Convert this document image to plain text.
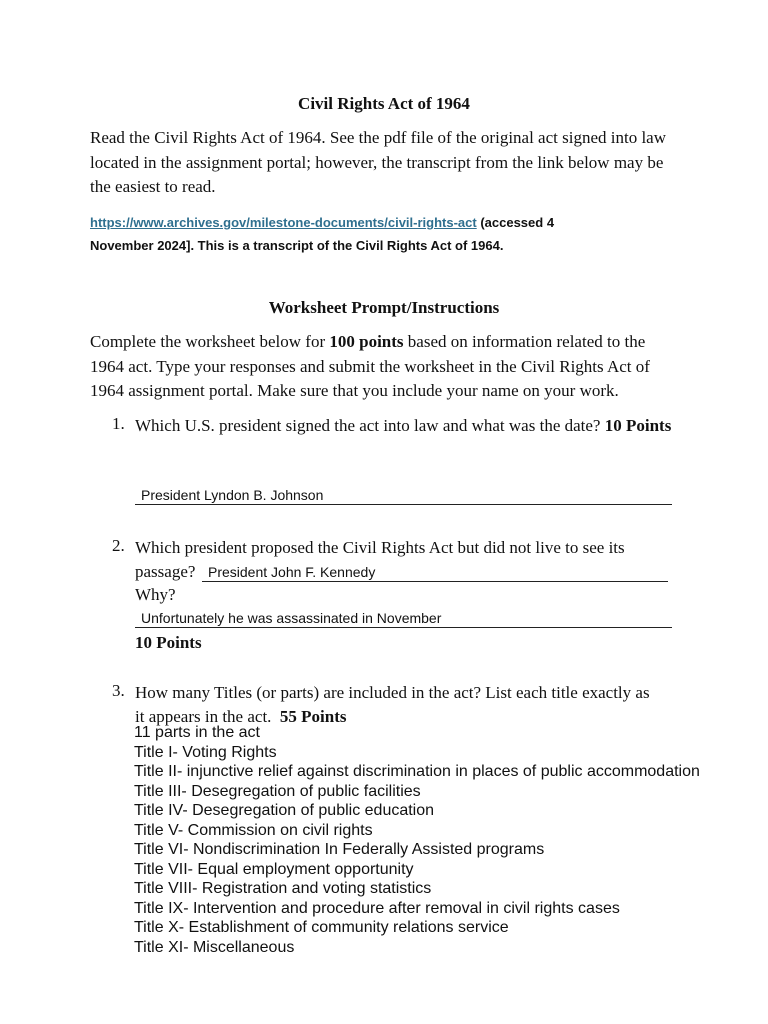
Civil Rights Act of 1964
Read the Civil Rights Act of 1964. See the pdf file of the original act signed into law located in the assignment portal; however, the transcript from the link below may be the easiest to read.
https://www.archives.gov/milestone-documents/civil-rights-act (accessed 4
November 2024]. This is a transcript of the Civil Rights Act of 1964.
Worksheet Prompt/Instructions
Complete the worksheet below for 100 points based on information related to the 1964 act. Type your responses and submit the worksheet in the Civil Rights Act of 1964 assignment portal. Make sure that you include your name on your work.
1. Which U.S. president signed the act into law and what was the date? 10 Points
President Lyndon B. Johnson
2. Which president proposed the Civil Rights Act but did not live to see its
passage? President John F. Kennedy
Why?
Unfortunately he was assassinated in November
10 Points
3. How many Titles (or parts) are included in the act? List each title exactly as
it appears in the act. 55 Points
11 parts in the act
Title I- Voting Rights
Title II- injunctive relief against discrimination in places of public accommodation
Title III- Desegregation of public facilities
Title IV- Desegregation of public education
Title V- Commission on civil rights
Title VI- Nondiscrimination In Federally Assisted programs
Title VII- Equal employment opportunity
Title VIII- Registration and voting statistics
Title IX- Intervention and procedure after removal in civil rights cases
Title X- Establishment of community relations service
Title XI- Miscellaneous
